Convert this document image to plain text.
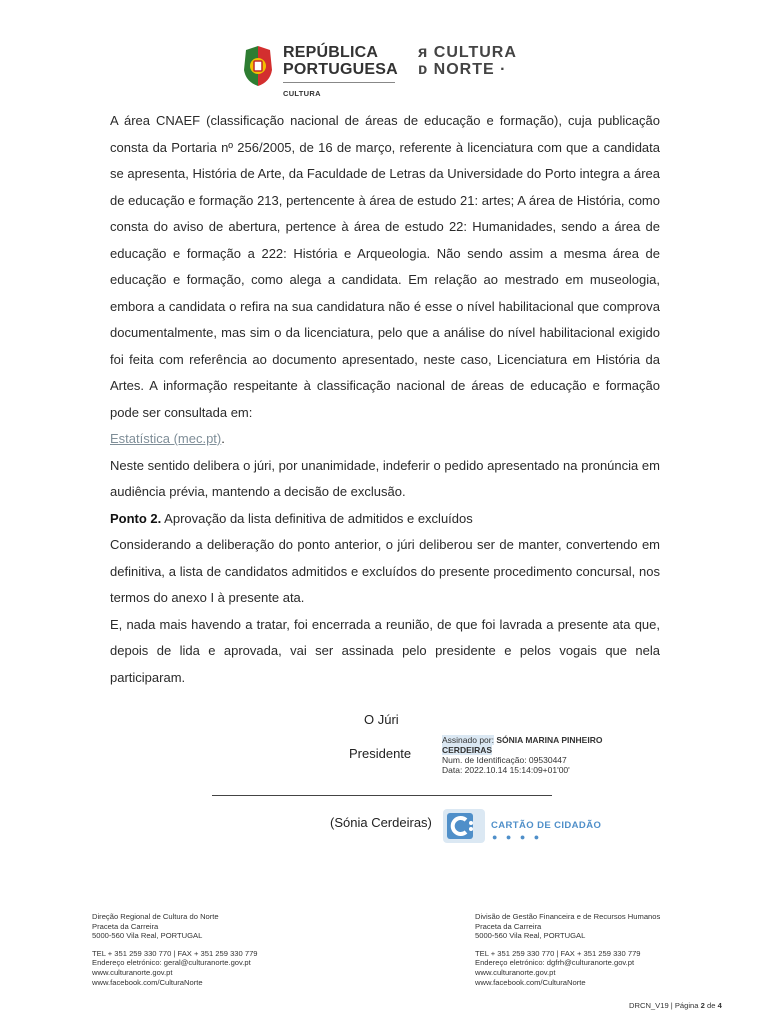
REPÚBLICA
PORTUGUESA
CULTURA
ᴙ CULTURA
ᴅ NORTE ·

A área CNAEF (classificação nacional de áreas de educação e formação), cuja publicação consta da Portaria nº 256/2005, de 16 de março, referente à licenciatura com que a candidata se apresenta, História de Arte, da Faculdade de Letras da Universidade do Porto integra a área de educação e formação 213, pertencente à área de estudo 21: artes; A área de História, como consta do aviso de abertura, pertence à área de estudo 22: Humanidades, sendo a área de educação e formação a 222: História e Arqueologia. Não sendo assim a mesma área de educação e formação, como alega a candidata. Em relação ao mestrado em museologia, embora a candidata o refira na sua candidatura não é esse o nível habilitacional que comprova documentalmente, mas sim o da licenciatura, pelo que a análise do nível habilitacional exigido foi feita com referência ao documento apresentado, neste caso, Licenciatura em História da Artes. A informação respeitante à classificação nacional de áreas de educação e formação pode ser consultada em:
Estatística (mec.pt).

Neste sentido delibera o júri, por unanimidade, indeferir o pedido apresentado na pronúncia em audiência prévia, mantendo a decisão de exclusão.

Ponto 2. Aprovação da lista definitiva de admitidos e excluídos

Considerando a deliberação do ponto anterior, o júri deliberou ser de manter, convertendo em definitiva, a lista de candidatos admitidos e excluídos do presente procedimento concursal, nos termos do anexo I à presente ata.

E, nada mais havendo a tratar, foi encerrada a reunião, de que foi lavrada a presente ata que, depois de lida e aprovada, vai ser assinada pelo presidente e pelos vogais que nela participaram.

O Júri
Presidente
Assinado por: SÓNIA MARINA PINHEIRO
CERDEIRAS
Num. de Identificação: 09530447
Data: 2022.10.14 15:14:09+01'00'
(Sónia Cerdeiras)	CARTÃO DE CIDADÃO
● ● ● ●
Direção Regional de Cultura do Norte
Praceta da Carreira
5000-560 Vila Real, PORTUGAL
TEL + 351 259 330 770 | FAX + 351 259 330 779
Endereço eletrónico: geral@culturanorte.gov.pt
www.culturanorte.gov.pt
www.facebook.com/CulturaNorte
Divisão de Gestão Financeira e de Recursos Humanos
Praceta da Carreira
5000-560 Vila Real, PORTUGAL
TEL + 351 259 330 770 | FAX + 351 259 330 779
Endereço eletrónico: dgfrh@culturanorte.gov.pt
www.culturanorte.gov.pt
www.facebook.com/CulturaNorte
DRCN_V19 | Página 2 de 4
